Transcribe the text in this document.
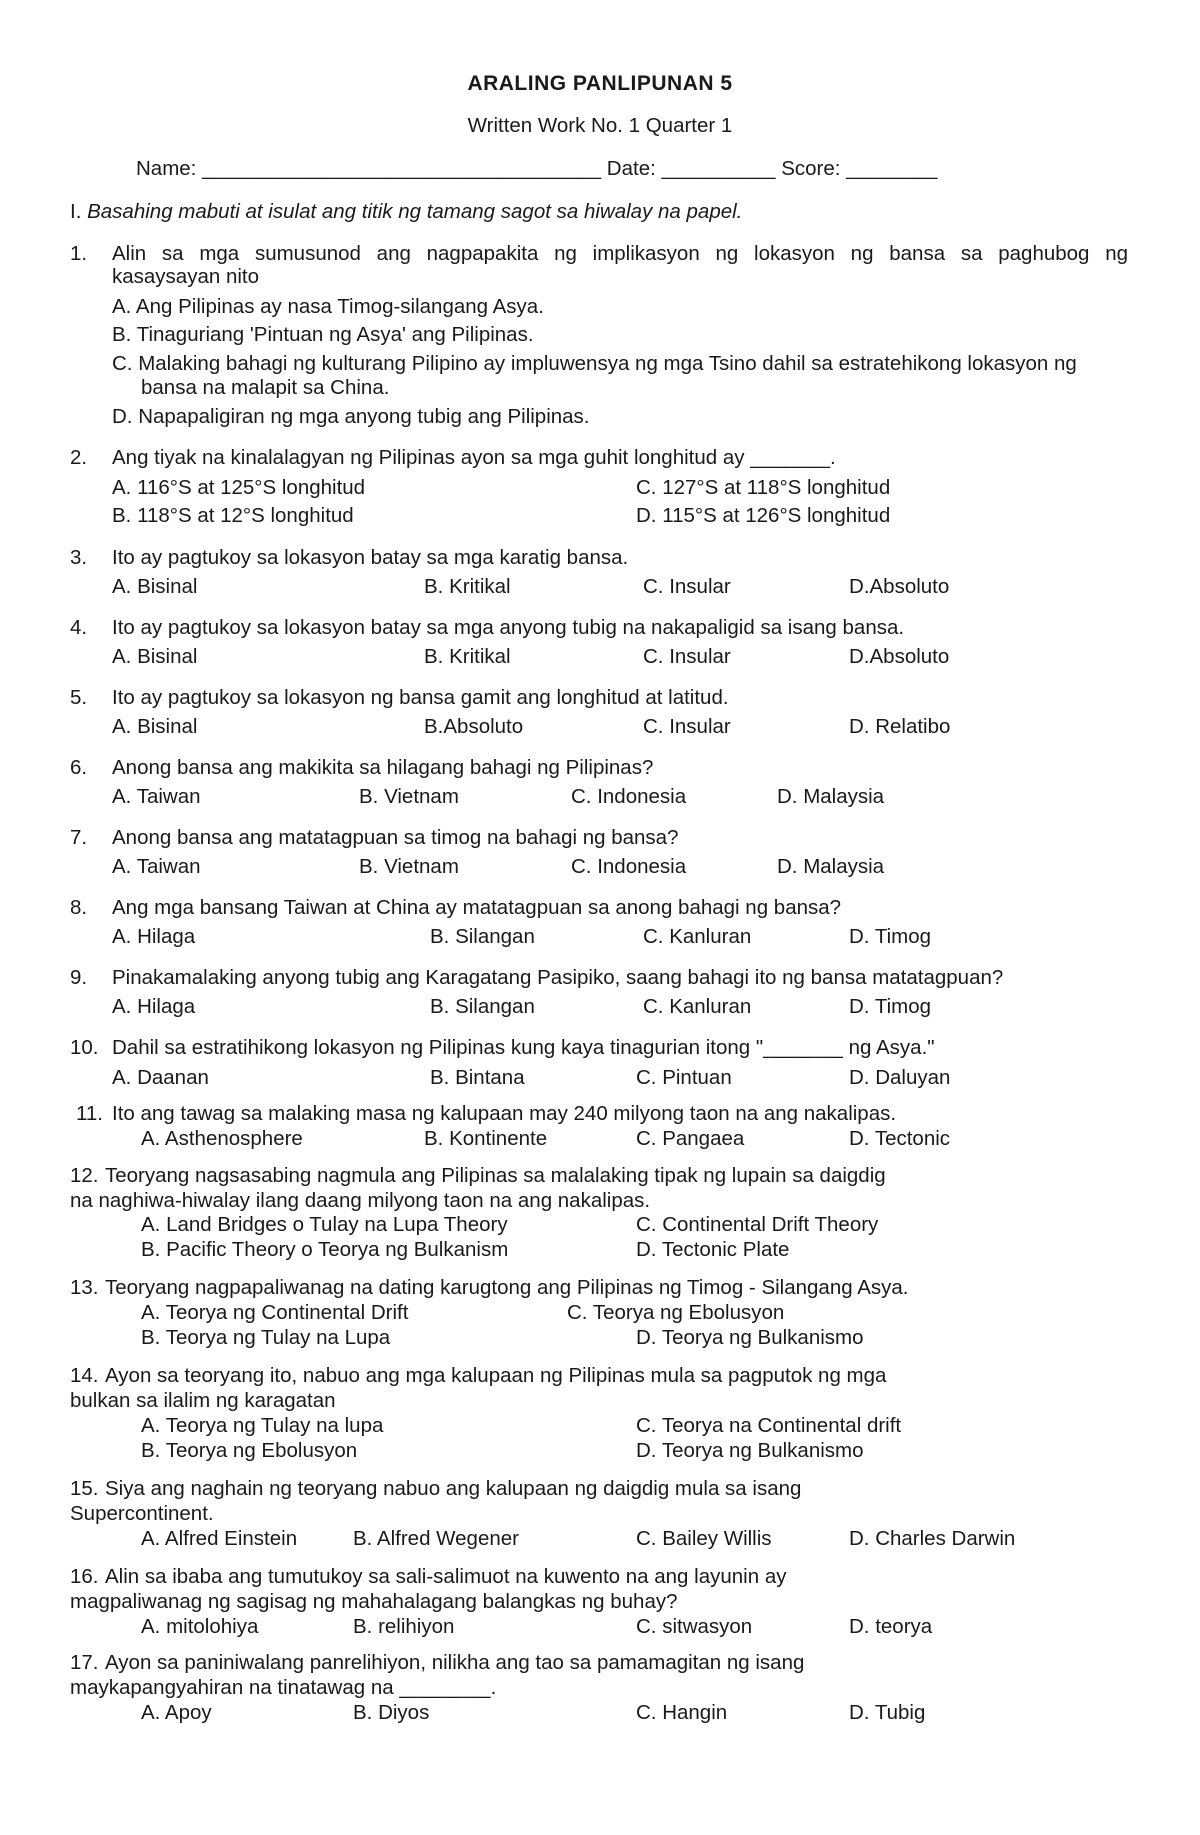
ARALING PANLIPUNAN 5
Written Work No. 1 Quarter 1
Name: ___________________________________ Date: __________ Score: ________
I. Basahing mabuti at isulat ang titik ng tamang sagot sa hiwalay na papel.
1. Alin sa mga sumusunod ang nagpapakita ng implikasyon ng lokasyon ng bansa sa paghubog ng
kasaysayan nito
A. Ang Pilipinas ay nasa Timog-silangang Asya.
B. Tinaguriang 'Pintuan ng Asya' ang Pilipinas.
C. Malaking bahagi ng kulturang Pilipino ay impluwensya ng mga Tsino dahil sa estratehikong lokasyon ng
bansa na malapit sa China.
D. Napapaligiran ng mga anyong tubig ang Pilipinas.
2. Ang tiyak na kinalalagyan ng Pilipinas ayon sa mga guhit longhitud ay _______.
A. 116°S at 125°S longhitud	C. 127°S at 118°S longhitud
B. 118°S at 12°S longhitud	D. 115°S at 126°S longhitud
3. Ito ay pagtukoy sa lokasyon batay sa mga karatig bansa.
A. Bisinal	B. Kritikal	C. Insular	D.Absoluto
4. Ito ay pagtukoy sa lokasyon batay sa mga anyong tubig na nakapaligid sa isang bansa.
A. Bisinal	B. Kritikal	C. Insular	D.Absoluto
5. Ito ay pagtukoy sa lokasyon ng bansa gamit ang longhitud at latitud.
A. Bisinal	B.Absoluto	C. Insular	D. Relatibo
6. Anong bansa ang makikita sa hilagang bahagi ng Pilipinas?
A. Taiwan	B. Vietnam	C. Indonesia	D. Malaysia
7. Anong bansa ang matatagpuan sa timog na bahagi ng bansa?
A. Taiwan	B. Vietnam	C. Indonesia	D. Malaysia
8. Ang mga bansang Taiwan at China ay matatagpuan sa anong bahagi ng bansa?
A. Hilaga	B. Silangan	C. Kanluran	D. Timog
9. Pinakamalaking anyong tubig ang Karagatang Pasipiko, saang bahagi ito ng bansa matatagpuan?
A. Hilaga	B. Silangan	C. Kanluran	D. Timog
10. Dahil sa estratihikong lokasyon ng Pilipinas kung kaya tinagurian itong "_______ ng Asya."
A. Daanan	B. Bintana	C. Pintuan	D. Daluyan
11. Ito ang tawag sa malaking masa ng kalupaan may 240 milyong taon na ang nakalipas.
A. Asthenosphere	B. Kontinente	C. Pangaea	D. Tectonic
12. Teoryang nagsasabing nagmula ang Pilipinas sa malalaking tipak ng lupain sa daigdig
na naghiwa-hiwalay ilang daang milyong taon na ang nakalipas.
A. Land Bridges o Tulay na Lupa Theory	C. Continental Drift Theory
B. Pacific Theory o Teorya ng Bulkanism	D. Tectonic Plate
13. Teoryang nagpapaliwanag na dating karugtong ang Pilipinas ng Timog - Silangang Asya.
A. Teorya ng Continental Drift	C. Teorya ng Ebolusyon
B. Teorya ng Tulay na Lupa	D. Teorya ng Bulkanismo
14. Ayon sa teoryang ito, nabuo ang mga kalupaan ng Pilipinas mula sa pagputok ng mga
bulkan sa ilalim ng karagatan
A. Teorya ng Tulay na lupa	C. Teorya na Continental drift
B. Teorya ng Ebolusyon	D. Teorya ng Bulkanismo
15. Siya ang naghain ng teoryang nabuo ang kalupaan ng daigdig mula sa isang
Supercontinent.
A. Alfred Einstein	B. Alfred Wegener	C. Bailey Willis	D. Charles Darwin
16. Alin sa ibaba ang tumutukoy sa sali-salimuot na kuwento na ang layunin ay
magpaliwanag ng sagisag ng mahahalagang balangkas ng buhay?
A. mitolohiya	B. relihiyon	C. sitwasyon	D. teorya
17. Ayon sa paniniwalang panrelihiyon, nilikha ang tao sa pamamagitan ng isang
maykapangyahiran na tinatawag na ________.
A. Apoy	B. Diyos	C. Hangin	D. Tubig
